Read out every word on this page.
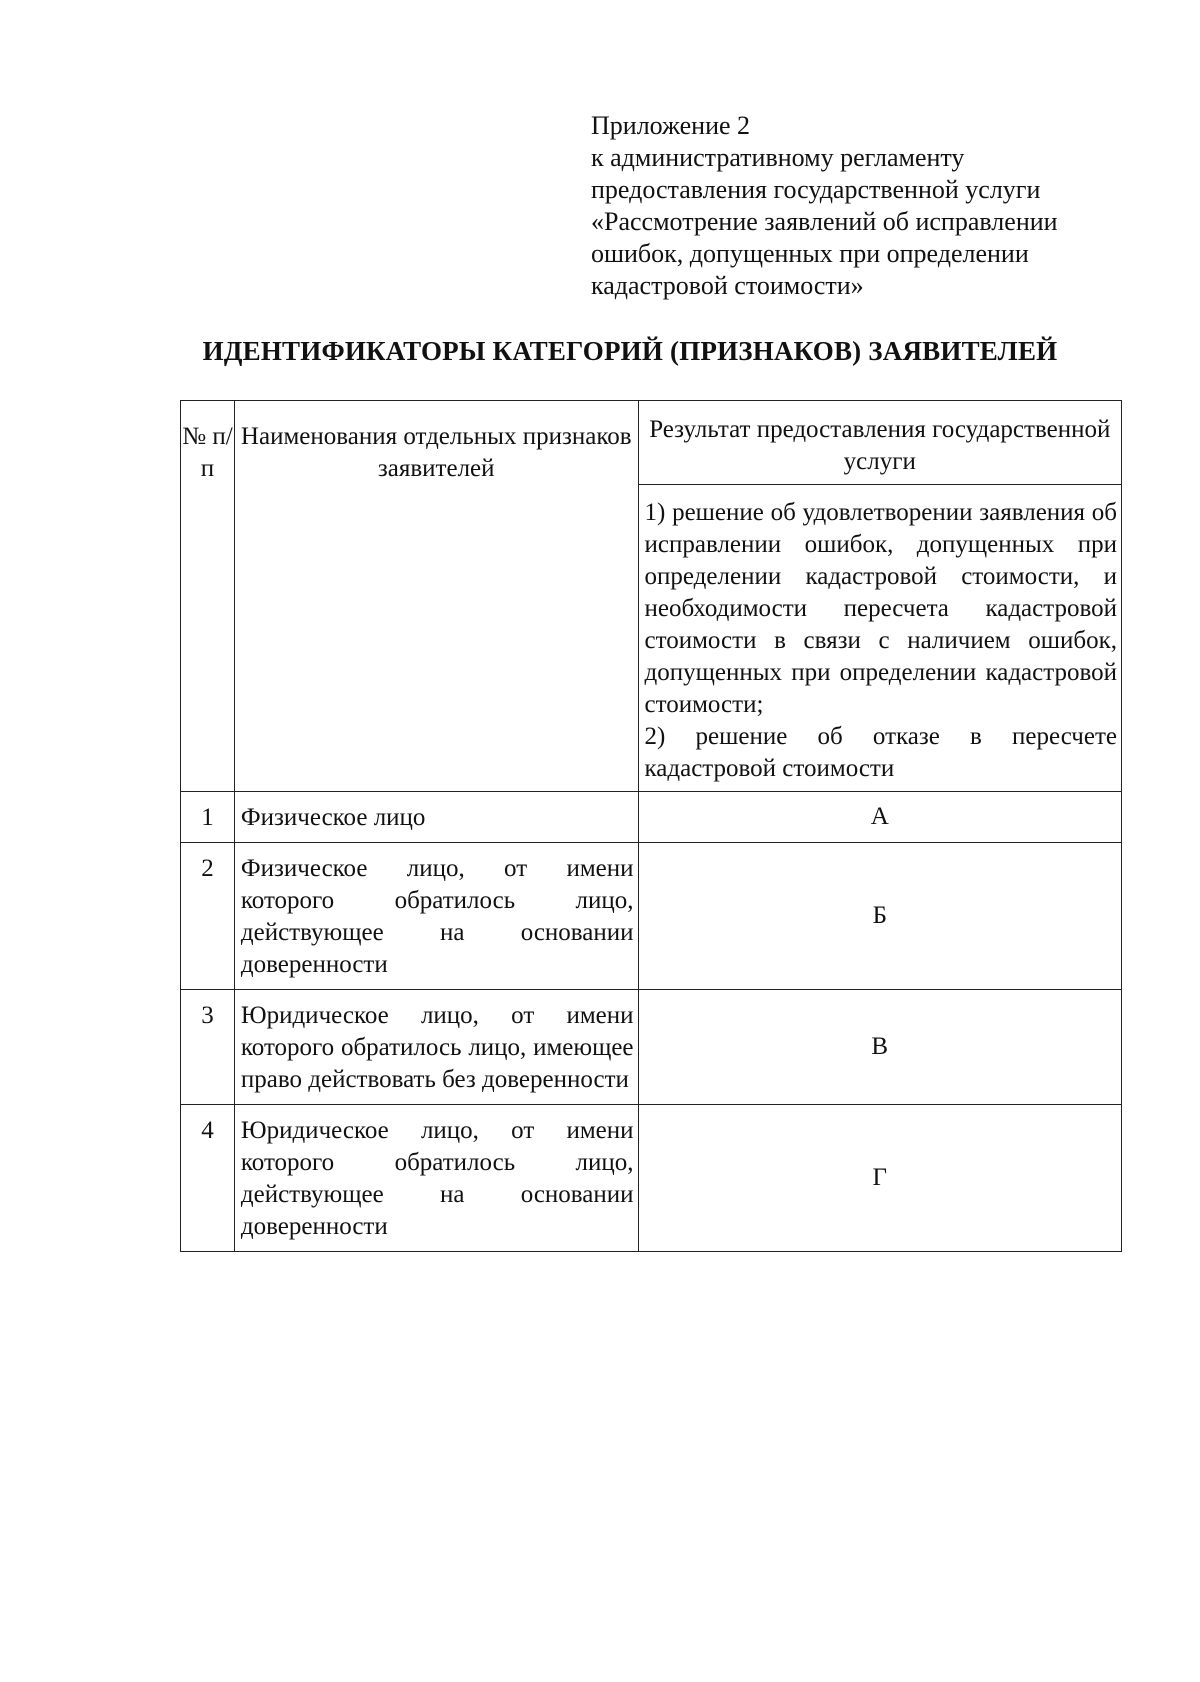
Приложение 2
к административному регламенту
предоставления государственной услуги
«Рассмотрение заявлений об исправлении
ошибок, допущенных при определении
кадастровой стоимости»
ИДЕНТИФИКАТОРЫ КАТЕГОРИЙ (ПРИЗНАКОВ) ЗАЯВИТЕЛЕЙ
№ п/п	Наименования отдельных признаков заявителей	Результат предоставления государственной услуги

		1) решение об удовлетворении заявления об исправлении ошибок, допущенных при определении кадастровой стоимости, и необходимости пересчета кадастровой стоимости в связи с наличием ошибок, допущенных при определении кадастровой стоимости;

2) решение об отказе в пересчете кадастровой стоимости

1	Физическое лицо	А
2	Физическое лицо, от имени которого обратилось лицо, действующее на основании доверенности	Б
3	Юридическое лицо, от имени которого обратилось лицо, имеющее право действовать без доверенности	В
4	Юридическое лицо, от имени которого обратилось лицо, действующее на основании доверенности	Г
